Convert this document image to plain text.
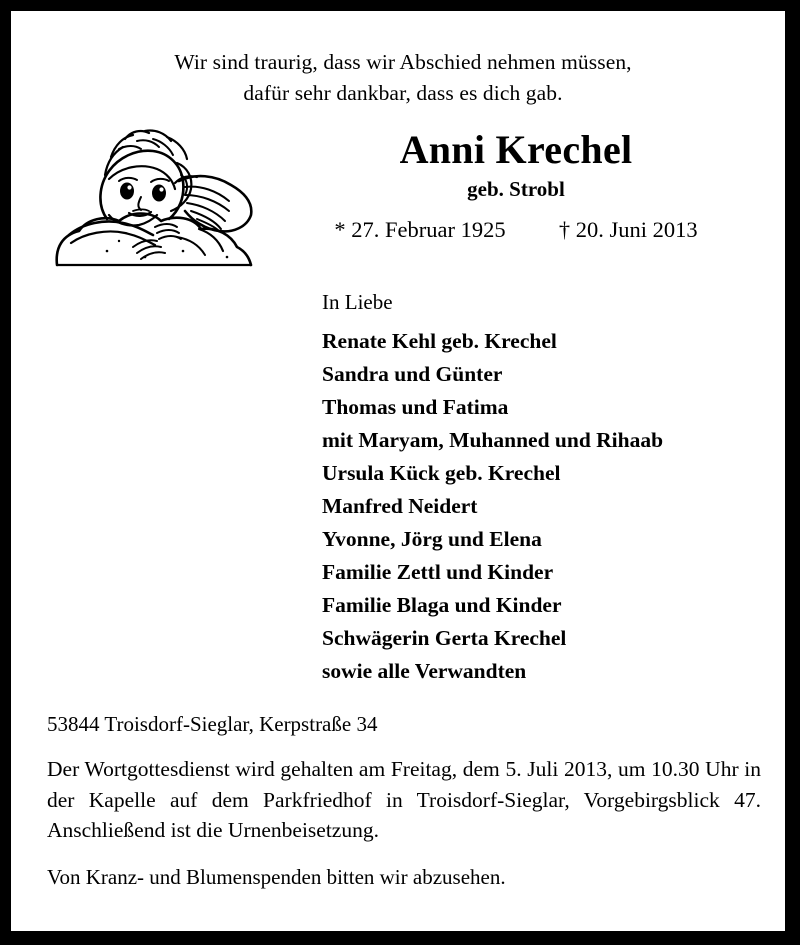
Wir sind traurig, dass wir Abschied nehmen müssen,
dafür sehr dankbar, dass es dich gab.
Anni Krechel
geb. Strobl
* 27. Februar 1925 † 20. Juni 2013
In Liebe
Renate Kehl geb. Krechel
Sandra und Günter
Thomas und Fatima
mit Maryam, Muhanned und Rihaab
Ursula Kück geb. Krechel
Manfred Neidert
Yvonne, Jörg und Elena
Familie Zettl und Kinder
Familie Blaga und Kinder
Schwägerin Gerta Krechel
sowie alle Verwandten
53844 Troisdorf-Sieglar, Kerpstraße 34
Der Wortgottesdienst wird gehalten am Freitag, dem 5. Juli 2013, um 10.30 Uhr in der Kapelle auf dem Parkfriedhof in Troisdorf-Sieglar, Vorgebirgsblick 47. Anschließend ist die Urnenbeisetzung.
Von Kranz- und Blumenspenden bitten wir abzusehen.
